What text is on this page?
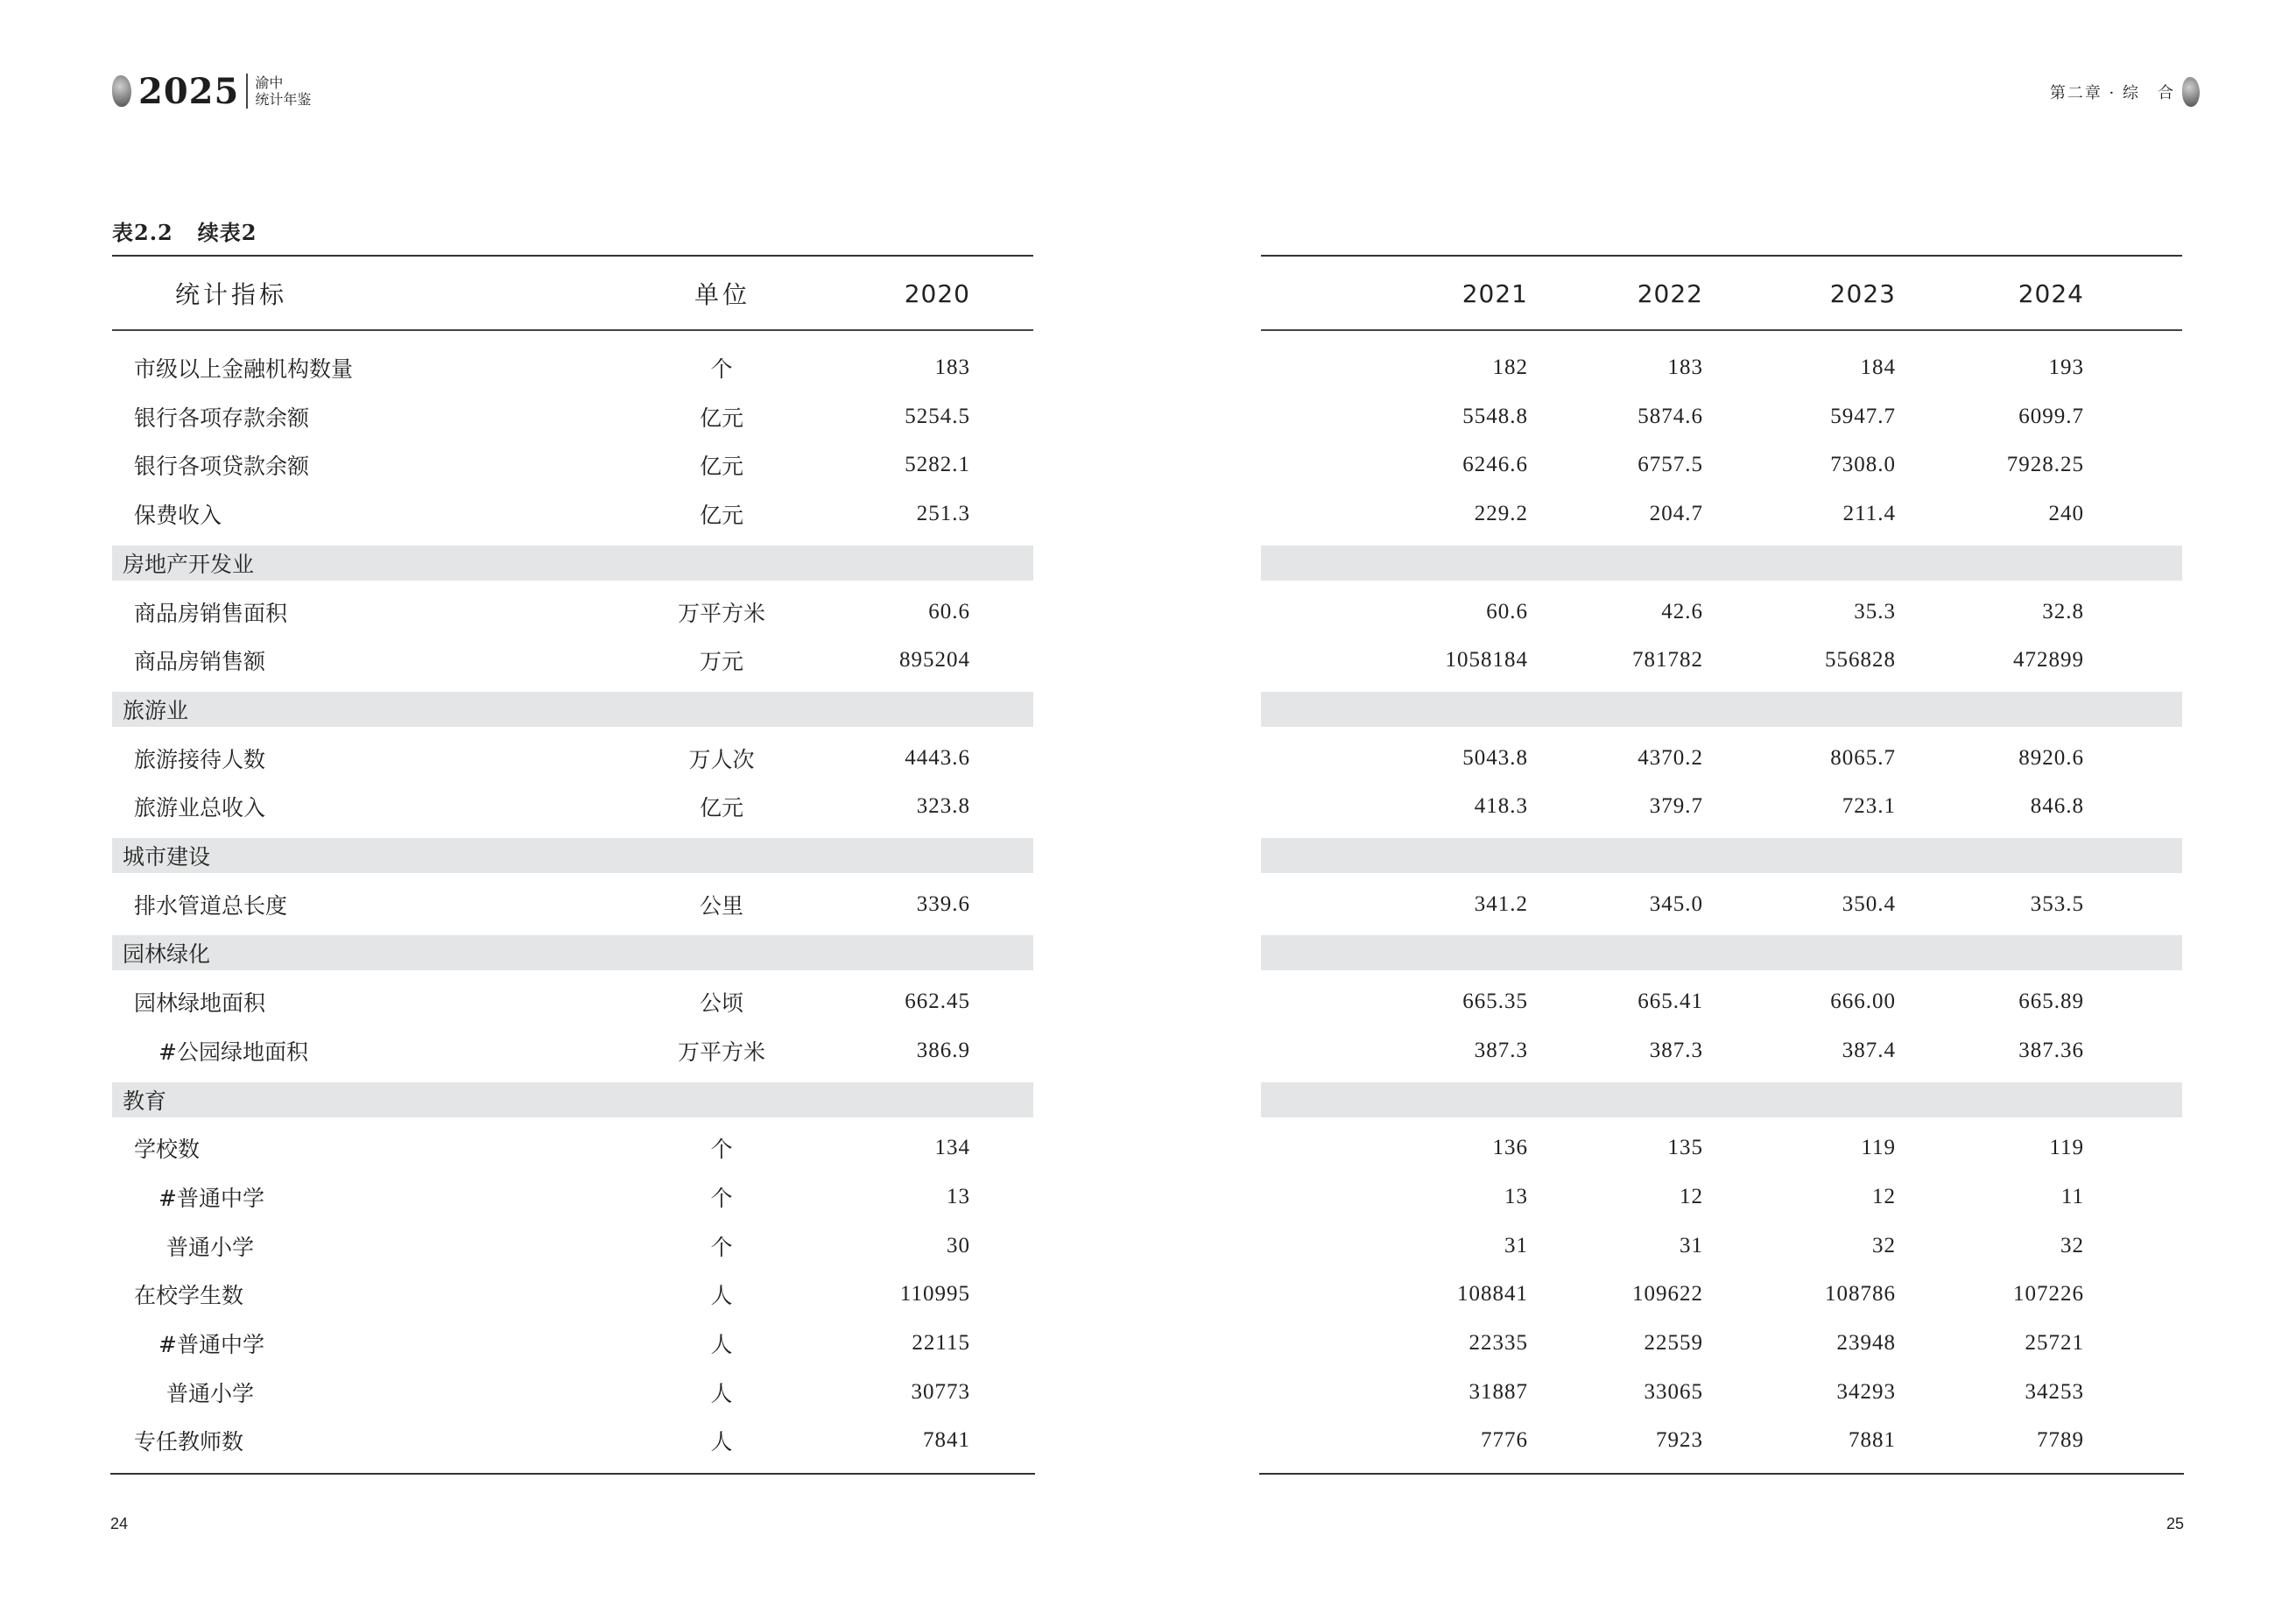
2025 渝中
统计年鉴	第二章 · 综　合
表2.2 续表2
统计指标	单位	2020	2021	2022	2023	2024
市级以上金融机构数量	个	183	182	183	184	193
银行各项存款余额	亿元	5254.5	5548.8	5874.6	5947.7	6099.7
银行各项贷款余额	亿元	5282.1	6246.6	6757.5	7308.0	7928.25
保费收入	亿元	251.3	229.2	204.7	211.4	240
房地产开发业
商品房销售面积	万平方米	60.6	60.6	42.6	35.3	32.8
商品房销售额	万元	895204	1058184	781782	556828	472899
旅游业
旅游接待人数	万人次	4443.6	5043.8	4370.2	8065.7	8920.6
旅游业总收入	亿元	323.8	418.3	379.7	723.1	846.8
城市建设
排水管道总长度	公里	339.6	341.2	345.0	350.4	353.5
园林绿化
园林绿地面积	公顷	662.45	665.35	665.41	666.00	665.89
#公园绿地面积	万平方米	386.9	387.3	387.3	387.4	387.36
教育
学校数	个	134	136	135	119	119
#普通中学	个	13	13	12	12	11
普通小学	个	30	31	31	32	32
在校学生数	人	110995	108841	109622	108786	107226
#普通中学	人	22115	22335	22559	23948	25721
普通小学	人	30773	31887	33065	34293	34253
专任教师数	人	7841	7776	7923	7881	7789
24	25
